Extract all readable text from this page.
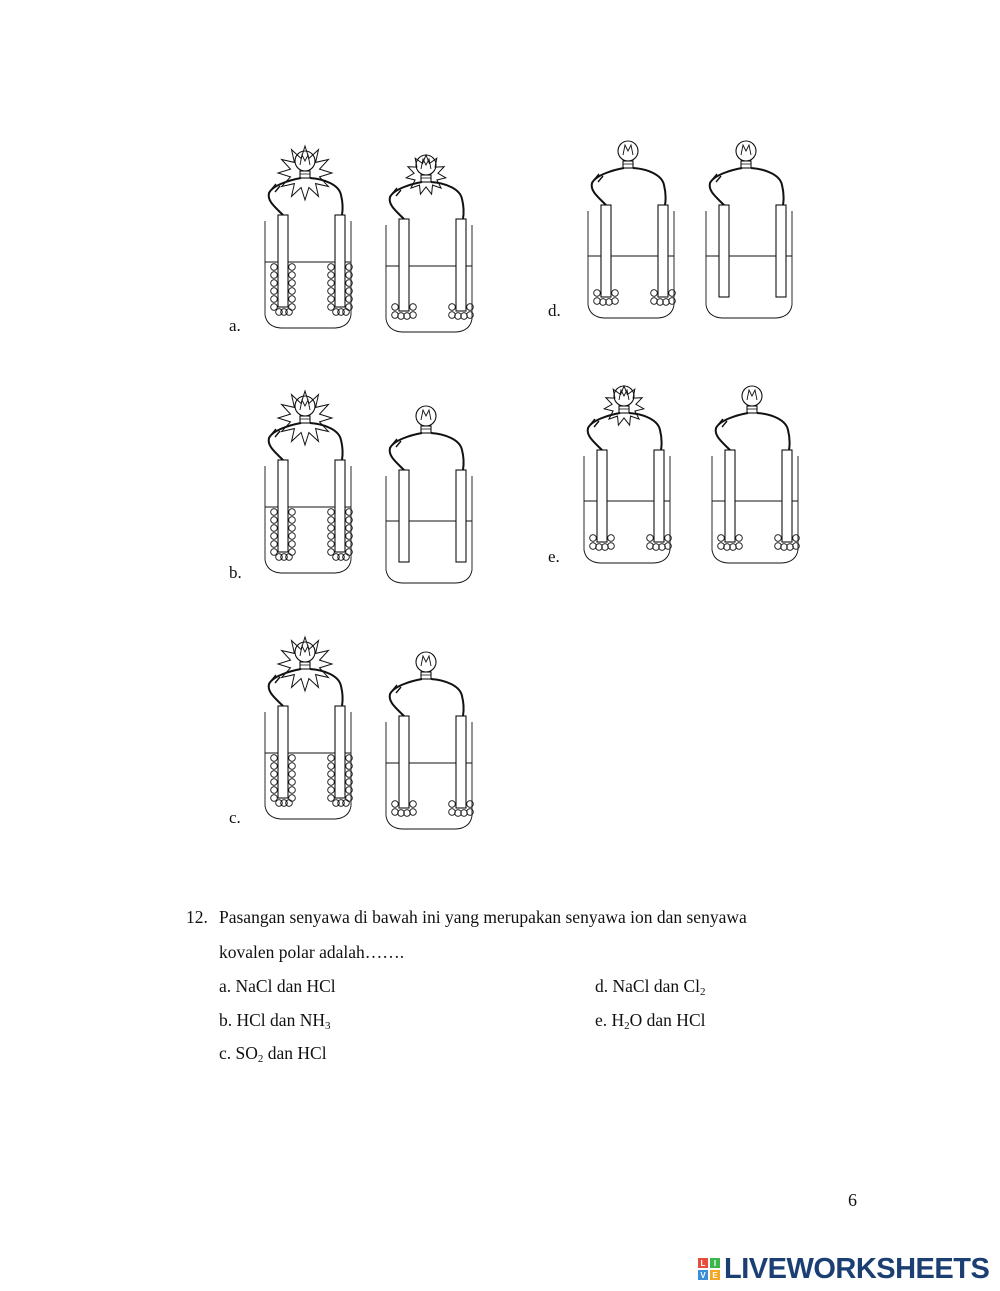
a.
b.
c.
d.
e.
12. Pasangan senyawa di bawah ini yang merupakan senyawa ion dan senyawa
kovalen polar adalah…….
a. NaCl dan HCl
b. HCl dan $NH_3$
c. $SO_2$ dan HCl
d. NaCl dan $Cl_2$
e. $H_2O$ dan HCl
6
L	I
V E LIVEWORKSHEETS
